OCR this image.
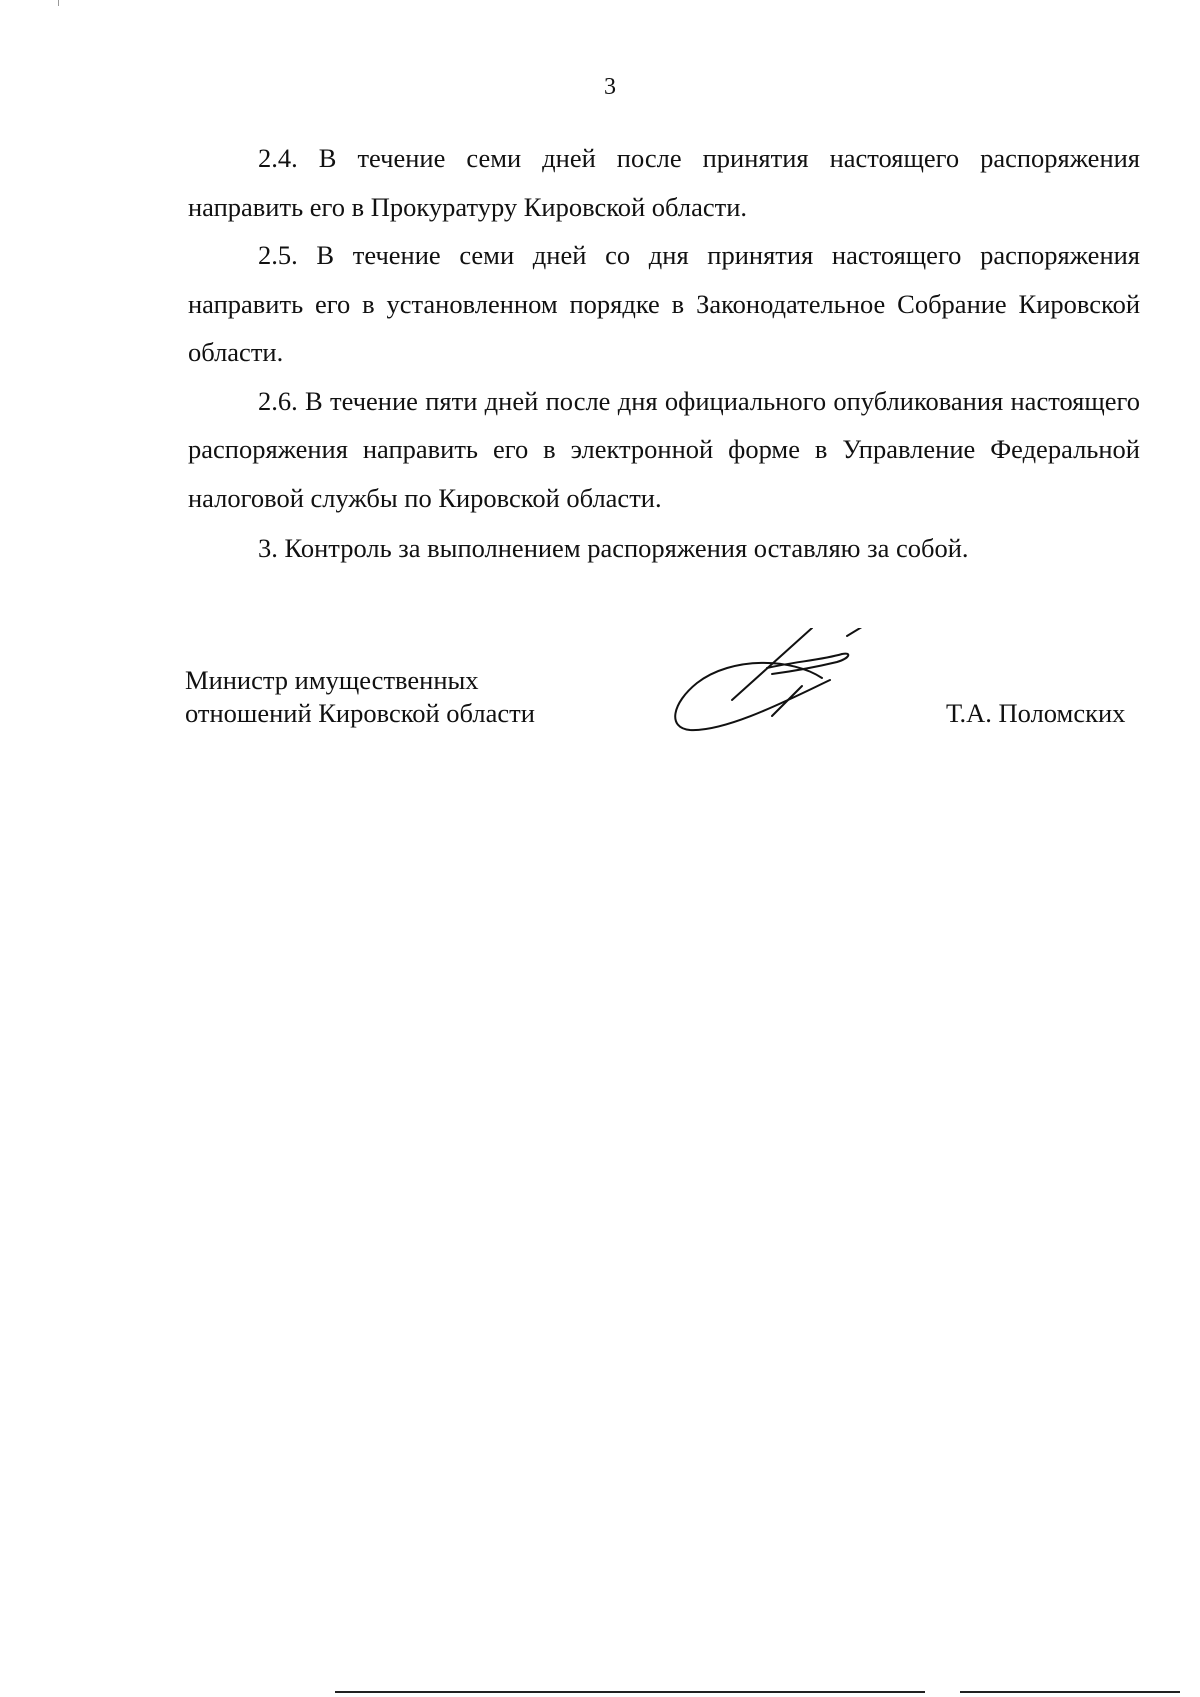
3

2.4. В течение семи дней после принятия настоящего распоряжения направить его в Прокуратуру Кировской области.

2.5. В течение семи дней со дня принятия настоящего распоряжения направить его в установленном порядке в Законодательное Собрание Кировской области.

2.6. В течение пяти дней после дня официального опубликования настоящего распоряжения направить его в электронной форме в Управление Федеральной налоговой службы по Кировской области.

3. Контроль за выполнением распоряжения оставляю за собой.

Министр имущественных
отношений Кировской области	Т.А. Поломских
